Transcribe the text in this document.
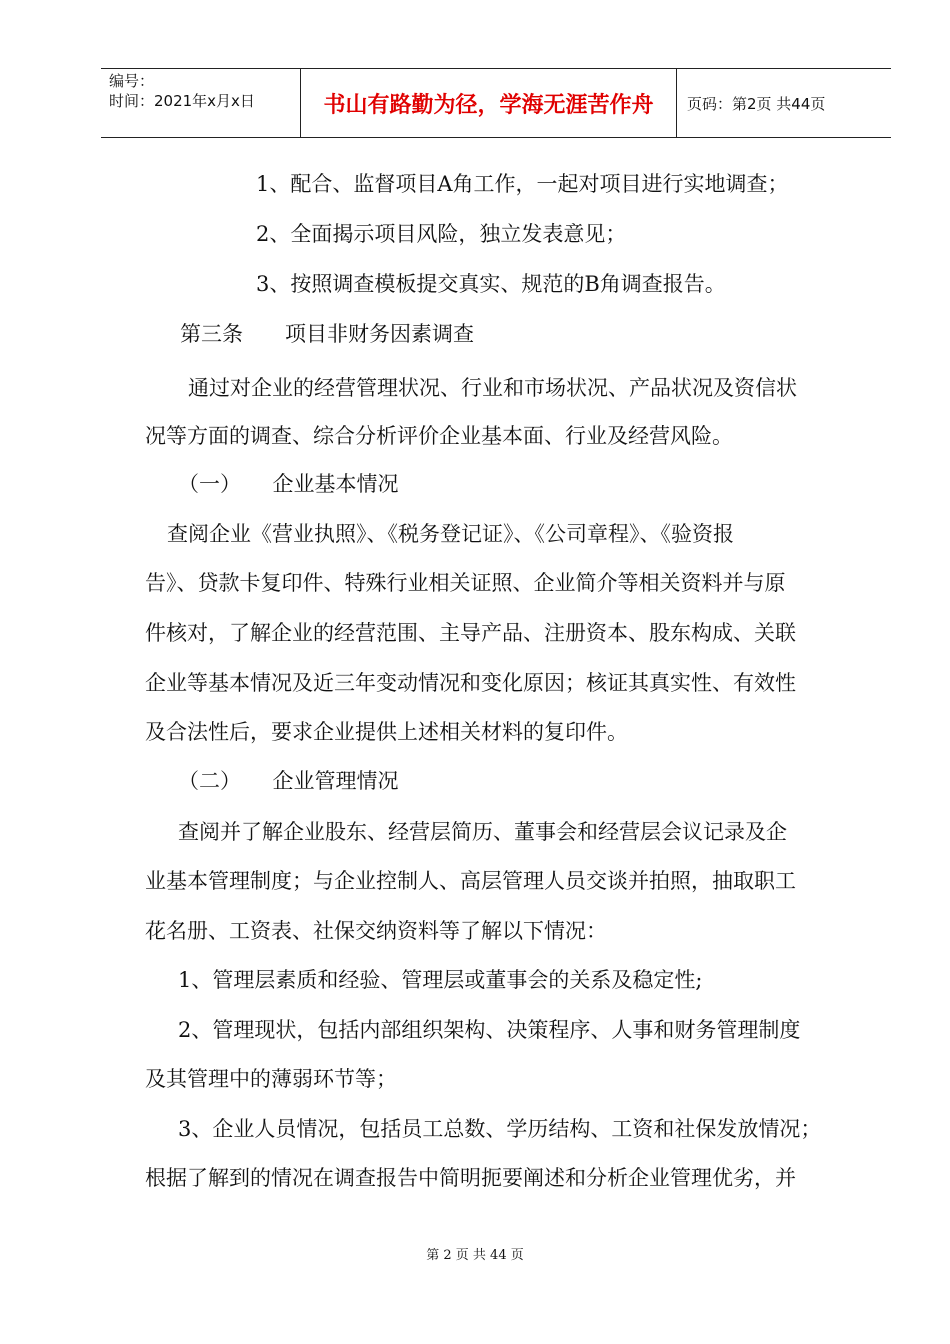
编号：
时间：2021年x月x日	书山有路勤为径，学海无涯苦作舟	页码：第2页 共44页
1、配合、监督项目A角工作，一起对项目进行实地调查；
2、全面揭示项目风险，独立发表意见；
3、按照调查模板提交真实、规范的B角调查报告。
第三条　　项目非财务因素调查
通过对企业的经营管理状况、行业和市场状况、产品状况及资信状
况等方面的调查、综合分析评价企业基本面、行业及经营风险。
（一）　　企业基本情况
查阅企业《营业执照》、《税务登记证》、《公司章程》、《验资报
告》、贷款卡复印件、特殊行业相关证照、企业简介等相关资料并与原
件核对，了解企业的经营范围、主导产品、注册资本、股东构成、关联
企业等基本情况及近三年变动情况和变化原因；核证其真实性、有效性
及合法性后，要求企业提供上述相关材料的复印件。
（二）　　企业管理情况
查阅并了解企业股东、经营层简历、董事会和经营层会议记录及企
业基本管理制度；与企业控制人、高层管理人员交谈并拍照，抽取职工
花名册、工资表、社保交纳资料等了解以下情况：
1、管理层素质和经验、管理层或董事会的关系及稳定性;
2、管理现状，包括内部组织架构、决策程序、人事和财务管理制度
及其管理中的薄弱环节等；
3、企业人员情况，包括员工总数、学历结构、工资和社保发放情况；
根据了解到的情况在调查报告中简明扼要阐述和分析企业管理优劣，并
第 2 页 共 44 页
